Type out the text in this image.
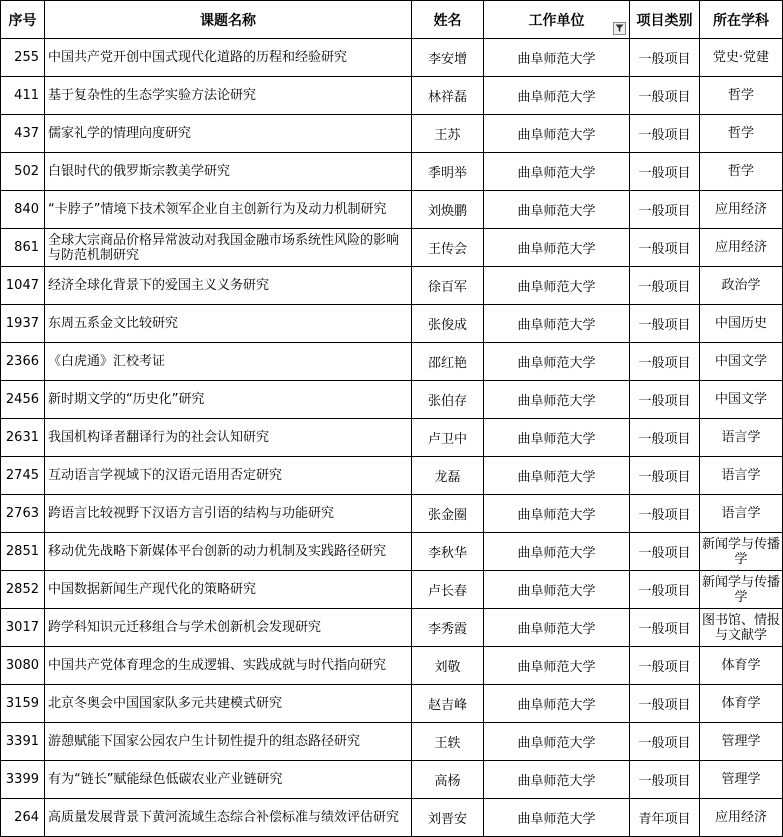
序号	课题名称	姓名	工作单位	项目类别	所在学科
255	中国共产党开创中国式现代化道路的历程和经验研究	李安增	曲阜师范大学	一般项目	党史·党建
411	基于复杂性的生态学实验方法论研究	林祥磊	曲阜师范大学	一般项目	哲学
437	儒家礼学的情理向度研究	王苏	曲阜师范大学	一般项目	哲学
502	白银时代的俄罗斯宗教美学研究	季明举	曲阜师范大学	一般项目	哲学
840	“卡脖子”情境下技术领军企业自主创新行为及动力机制研究	刘焕鹏	曲阜师范大学	一般项目	应用经济
861	全球大宗商品价格异常波动对我国金融市场系统性风险的影响与防范机制研究	王传会	曲阜师范大学	一般项目	应用经济
1047	经济全球化背景下的爱国主义义务研究	徐百军	曲阜师范大学	一般项目	政治学
1937	东周五系金文比较研究	张俊成	曲阜师范大学	一般项目	中国历史
2366	《白虎通》汇校考证	邵红艳	曲阜师范大学	一般项目	中国文学
2456	新时期文学的“历史化”研究	张伯存	曲阜师范大学	一般项目	中国文学
2631	我国机构译者翻译行为的社会认知研究	卢卫中	曲阜师范大学	一般项目	语言学
2745	互动语言学视域下的汉语元语用否定研究	龙磊	曲阜师范大学	一般项目	语言学
2763	跨语言比较视野下汉语方言引语的结构与功能研究	张金圈	曲阜师范大学	一般项目	语言学
2851	移动优先战略下新媒体平台创新的动力机制及实践路径研究	李秋华	曲阜师范大学	一般项目	新闻学与传播学
2852	中国数据新闻生产现代化的策略研究	卢长春	曲阜师范大学	一般项目	新闻学与传播学
3017	跨学科知识元迁移组合与学术创新机会发现研究	李秀霞	曲阜师范大学	一般项目	图书馆、情报与文献学
3080	中国共产党体育理念的生成逻辑、实践成就与时代指向研究	刘敬	曲阜师范大学	一般项目	体育学
3159	北京冬奥会中国国家队多元共建模式研究	赵吉峰	曲阜师范大学	一般项目	体育学
3391	游憩赋能下国家公园农户生计韧性提升的组态路径研究	王轶	曲阜师范大学	一般项目	管理学
3399	有为“链长”赋能绿色低碳农业产业链研究	高杨	曲阜师范大学	一般项目	管理学
264	高质量发展背景下黄河流域生态综合补偿标准与绩效评估研究	刘晋安	曲阜师范大学	青年项目	应用经济
